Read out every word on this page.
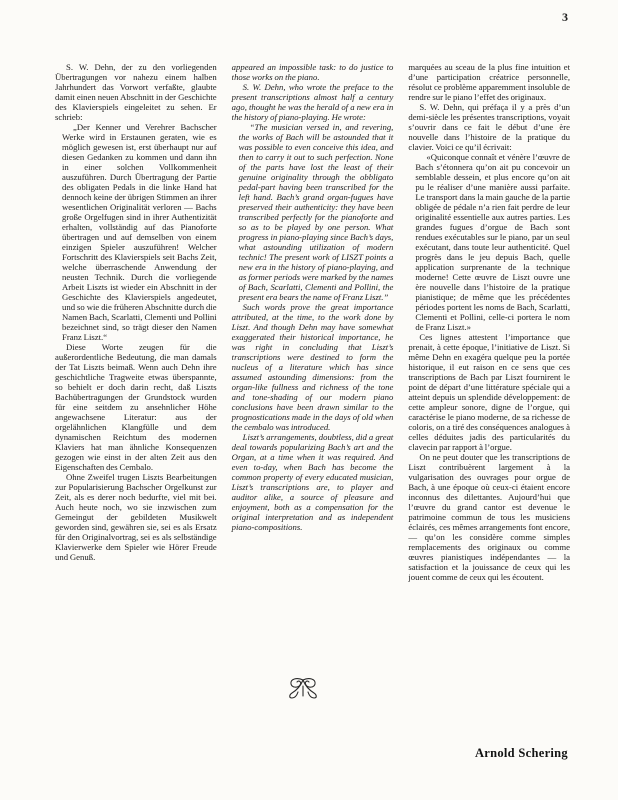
3

S. W. Dehn, der zu den vorliegenden Übertragungen vor nahezu einem halben Jahrhundert das Vorwort verfaßte, glaubte damit einen neuen Abschnitt in der Geschichte des Klavierspiels eingeleitet zu sehen. Er schrieb:

„Der Kenner und Verehrer Bachscher Werke wird in Erstaunen geraten, wie es möglich gewesen ist, erst überhaupt nur auf diesen Gedanken zu kommen und dann ihn in einer solchen Vollkommenheit auszuführen. Durch Übertragung der Partie des obligaten Pedals in die linke Hand hat dennoch keine der übrigen Stimmen an ihrer wesentlichen Originalität verloren — Bachs große Orgelfugen sind in ihrer Authentizität erhalten, vollständig auf das Pianoforte übertragen und auf demselben von einem einzigen Spieler auszuführen! Welcher Fortschritt des Klavierspiels seit Bachs Zeit, welche überraschende Anwendung der neusten Technik. Durch die vorliegende Arbeit Liszts ist wieder ein Abschnitt in der Geschichte des Klavierspiels angedeutet, und so wie die früheren Abschnitte durch die Namen Bach, Scarlatti, Clementi und Pollini bezeichnet sind, so trägt dieser den Namen Franz Liszt.“

Diese Worte zeugen für die außerordentliche Bedeutung, die man damals der Tat Liszts beimaß. Wenn auch Dehn ihre geschichtliche Tragweite etwas überspannte, so behielt er doch darin recht, daß Liszts Bachübertragungen der Grundstock wurden für eine seitdem zu ansehnlicher Höhe angewachsene Literatur: aus der orgelähnlichen Klangfülle und dem dynamischen Reichtum des modernen Klaviers hat man ähnliche Konsequenzen gezogen wie einst in der alten Zeit aus den Eigenschaften des Cembalo.

Ohne Zweifel trugen Liszts Bearbeitungen zur Popularisierung Bachscher Orgelkunst zur Zeit, als es derer noch bedurfte, viel mit bei. Auch heute noch, wo sie inzwischen zum Gemeingut der gebildeten Musikwelt geworden sind, gewähren sie, sei es als Ersatz für den Originalvortrag, sei es als selbständige Klavierwerke dem Spieler wie Hörer Freude und Genuß.

appeared an impossible task: to do justice to those works on the piano.

S. W. Dehn, who wrote the preface to the present transcriptions almost half a century ago, thought he was the herald of a new era in the history of piano-playing. He wrote:

“The musician versed in, and revering, the works of Bach will be astounded that it was possible to even conceive this idea, and then to carry it out to such perfection. None of the parts have lost the least of their genuine originality through the obbligato pedal-part having been transcribed for the left hand. Bach’s grand organ-fugues have preserved their authenticity: they have been transcribed perfectly for the pianoforte and so as to be played by one person. What progress in piano-playing since Bach’s days, what astounding utilization of modern technic! The present work of LISZT points a new era in the history of piano-playing, and as former periods were marked by the names of Bach, Scarlatti, Clementi and Pollini, the present era bears the name of Franz Liszt.”

Such words prove the great importance attributed, at the time, to the work done by Liszt. And though Dehn may have somewhat exaggerated their historical importance, he was right in concluding that Liszt’s transcriptions were destined to form the nucleus of a literature which has since assumed astounding dimensions: from the organ-like fullness and richness of the tone and tone-shading of our modern piano conclusions have been drawn similar to the prognostications made in the days of old when the cembalo was introduced.

Liszt’s arrangements, doubtless, did a great deal towards popularizing Bach’s art and the Organ, at a time when it was required. And even to-day, when Bach has become the common property of every educated musician, Liszt’s transcriptions are, to player and auditor alike, a source of pleasure and enjoyment, both as a compensation for the original interpretation and as independent piano-compositions.

marquées au sceau de la plus fine intuition et d’une participation créatrice personnelle, résolut ce problème apparemment insoluble de rendre sur le piano l’effet des originaux.

S. W. Dehn, qui préfaça il y a près d’un demi-siècle les présentes transcriptions, voyait s’ouvrir dans ce fait le début d’une ère nouvelle dans l’histoire de la pratique du clavier. Voici ce qu’il écrivait:

«Quiconque connaît et vénère l’œuvre de Bach s’étonnera qu’on ait pu concevoir un semblable dessein, et plus encore qu’on ait pu le réaliser d’une manière aussi parfaite. Le transport dans la main gauche de la partie obligée de pédale n’a rien fait perdre de leur originalité essentielle aux autres parties. Les grandes fugues d’orgue de Bach sont rendues exécutables sur le piano, par un seul exécutant, dans toute leur authenticité. Quel progrès dans le jeu depuis Bach, quelle application surprenante de la technique moderne! Cette œuvre de Liszt ouvre une ère nouvelle dans l’histoire de la pratique pianistique; de même que les précédentes périodes portent les noms de Bach, Scarlatti, Clementi et Pollini, celle-ci portera le nom de Franz Liszt.»

Ces lignes attestent l’importance que prenait, à cette époque, l’initiative de Liszt. Si même Dehn en exagéra quelque peu la portée historique, il eut raison en ce sens que ces transcriptions de Bach par Liszt fournirent le point de départ d’une littérature spéciale qui a atteint depuis un splendide développement: de cette ampleur sonore, digne de l’orgue, qui caractérise le piano moderne, de sa richesse de coloris, on a tiré des conséquences analogues à celles déduites jadis des particularités du clavecin par rapport à l’orgue.

On ne peut douter que les transcriptions de Liszt contribuèrent largement à la vulgarisation des ouvrages pour orgue de Bach, à une époque où ceux-ci étaient encore inconnus des dilettantes. Aujourd’hui que l’œuvre du grand cantor est devenue le patrimoine commun de tous les musiciens éclairés, ces mêmes arrangements font encore, — qu’on les considère comme simples remplacements des originaux ou comme œuvres pianistiques indépendantes — la satisfaction et la jouissance de ceux qui les jouent comme de ceux qui les écoutent.

Arnold Schering
